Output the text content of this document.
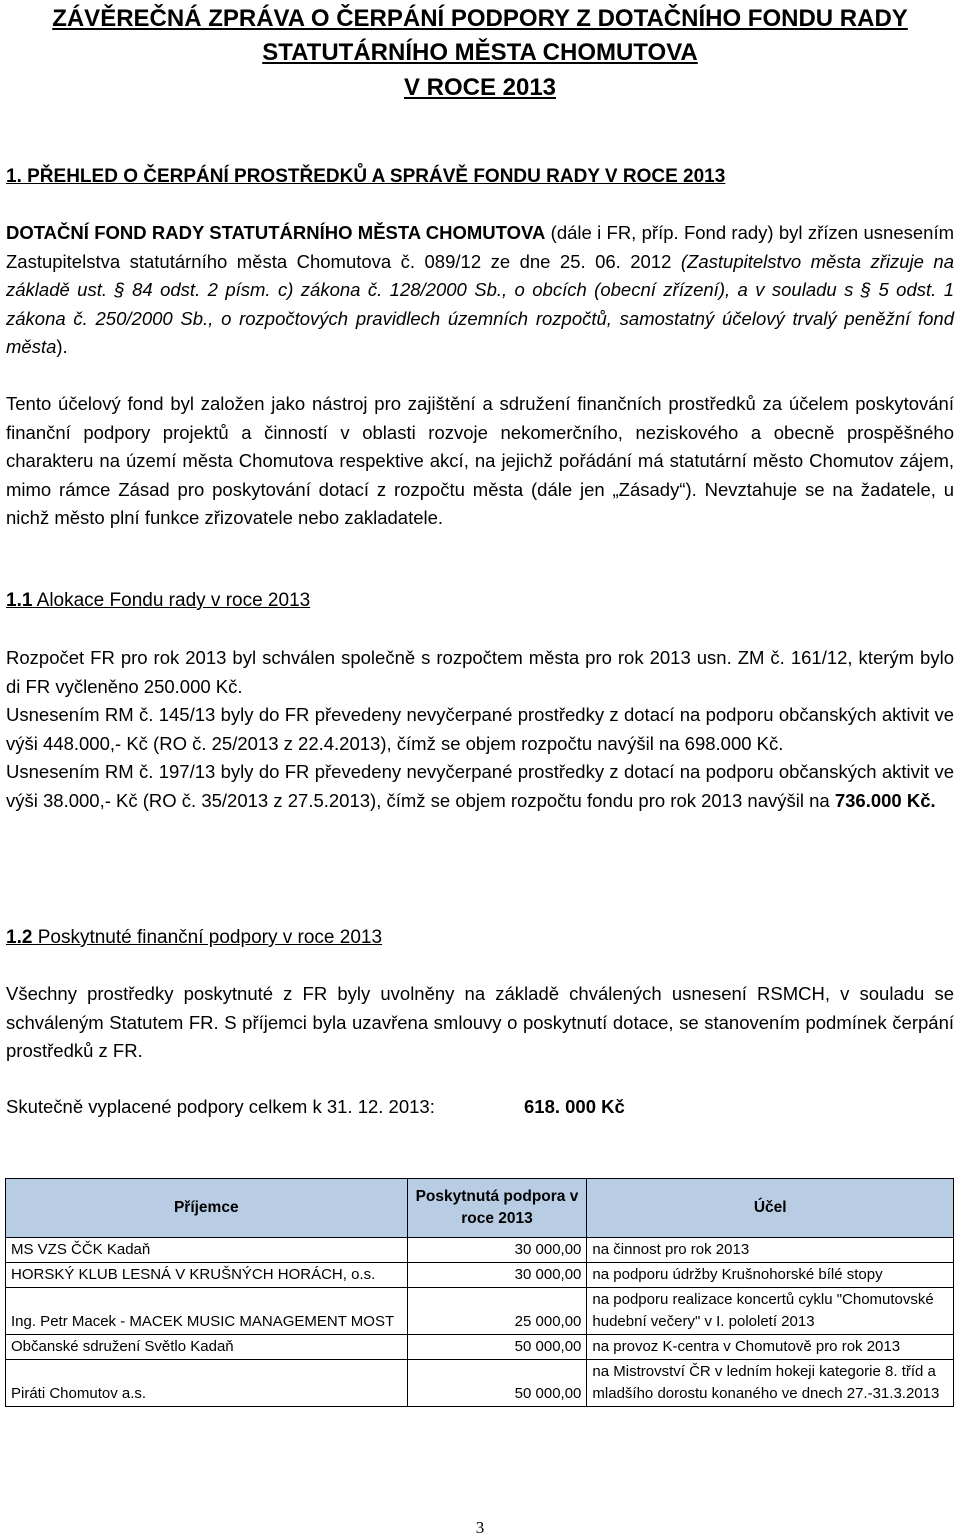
ZÁVĚREČNÁ ZPRÁVA O ČERPÁNÍ PODPORY Z DOTAČNÍHO FONDU RADY
STATUTÁRNÍHO MĚSTA CHOMUTOVA
V ROCE 2013
1. PŘEHLED O ČERPÁNÍ PROSTŘEDKŮ A SPRÁVĚ FONDU RADY V ROCE 2013
DOTAČNÍ FOND RADY STATUTÁRNÍHO MĚSTA CHOMUTOVA (dále i FR, příp. Fond rady) byl zřízen usnesením Zastupitelstva statutárního města Chomutova č. 089/12 ze dne 25. 06. 2012 (Zastupitelstvo města zřizuje na základě ust. § 84 odst. 2 písm. c) zákona č. 128/2000 Sb., o obcích (obecní zřízení), a v souladu s § 5 odst. 1 zákona č. 250/2000 Sb., o rozpočtových pravidlech územních rozpočtů, samostatný účelový trvalý peněžní fond města).
Tento účelový fond byl založen jako nástroj pro zajištění a sdružení finančních prostředků za účelem poskytování finanční podpory projektů a činností v oblasti rozvoje nekomerčního, neziskového a obecně prospěšného charakteru na území města Chomutova respektive akcí, na jejichž pořádání má statutární město Chomutov zájem, mimo rámce Zásad pro poskytování dotací z rozpočtu města (dále jen „Zásady“). Nevztahuje se na žadatele, u nichž město plní funkce zřizovatele nebo zakladatele.
1.1 Alokace Fondu rady v roce 2013
Rozpočet FR pro rok 2013 byl schválen společně s rozpočtem města pro rok 2013 usn. ZM č. 161/12, kterým bylo di FR vyčleněno 250.000 Kč.
Usnesením RM č. 145/13 byly do FR převedeny nevyčerpané prostředky z dotací na podporu občanských aktivit ve výši 448.000,- Kč (RO č. 25/2013 z 22.4.2013), čímž se objem rozpočtu navýšil na 698.000 Kč.
Usnesením RM č. 197/13 byly do FR převedeny nevyčerpané prostředky z dotací na podporu občanských aktivit ve výši 38.000,- Kč (RO č. 35/2013 z 27.5.2013), čímž se objem rozpočtu fondu pro rok 2013 navýšil na 736.000 Kč.
1.2 Poskytnuté finanční podpory v roce 2013
Všechny prostředky poskytnuté z FR byly uvolněny na základě chválených usnesení RSMCH, v souladu se schváleným Statutem FR. S příjemci byla uzavřena smlouvy o poskytnutí dotace, se stanovením podmínek čerpání prostředků z FR.
Skutečně vyplacené podpory celkem k 31. 12. 2013:	618. 000 Kč
Příjemce	Poskytnutá podpora v roce 2013	Účel
MS VZS ČČK Kadaň	30 000,00	na činnost pro rok 2013
HORSKÝ KLUB LESNÁ V KRUŠNÝCH HORÁCH, o.s.	30 000,00	na podporu údržby Krušnohorské bílé stopy
Ing. Petr Macek - MACEK MUSIC MANAGEMENT MOST	25 000,00	na podporu realizace koncertů cyklu "Chomutovské hudební večery" v I. pololetí 2013
Občanské sdružení Světlo Kadaň	50 000,00	na provoz K-centra v Chomutově pro rok 2013
Piráti Chomutov a.s.	50 000,00	na Mistrovství ČR v ledním hokeji kategorie 8. tříd a mladšího dorostu konaného ve dnech 27.-31.3.2013
3
